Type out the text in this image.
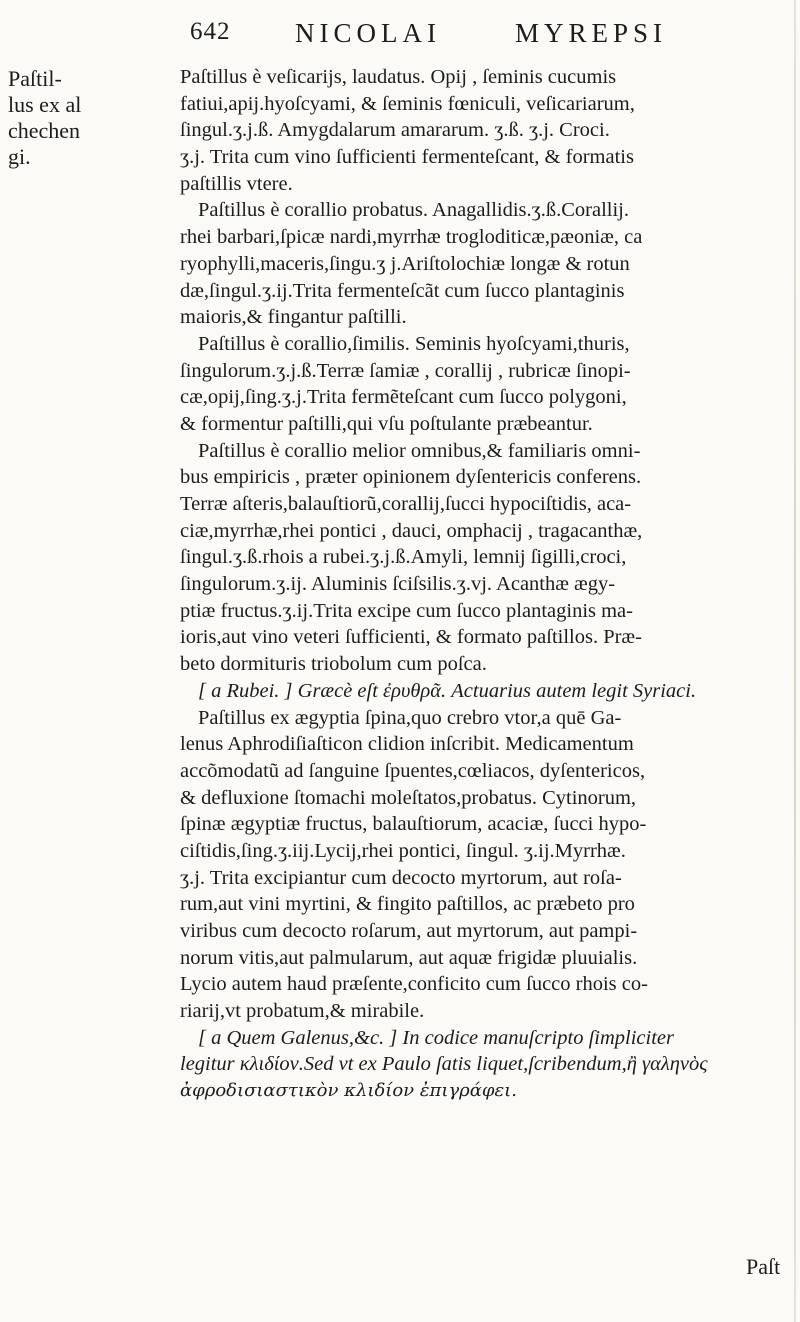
642 NICOLAI	MYREPSI
Paſtil-
lus ex al
chechen
gi.
Paſtillus è veſicarijs, laudatus. Opij , ſeminis cucumis
fatiui,apij.hyoſcyami, & ſeminis fœniculi, veſicariarum,
ſingul.ʒ.j.ß. Amygdalarum amararum. ʒ.ß. ʒ.j. Croci.
ʒ.j. Trita cum vino ſufficienti fermenteſcant, & formatis
paſtillis vtere.
Paſtillus è corallio probatus. Anagallidis.ʒ.ß.Corallij.
rhei barbari,ſpicæ nardi,myrrhæ trogloditicæ,pæoniæ, ca
ryophylli,maceris,ſingu.ʒ j.Ariſtolochiæ longæ & rotun
dæ,ſingul.ʒ.ij.Trita fermenteſcãt cum ſucco plantaginis
maioris,& fingantur paſtilli.
Paſtillus è corallio,ſimilis. Seminis hyoſcyami,thuris,
ſingulorum.ʒ.j.ß.Terræ ſamiæ , corallij , rubricæ ſinopi-
cæ,opij,ſing.ʒ.j.Trita fermẽteſcant cum ſucco polygoni,
& formentur paſtilli,qui vſu poſtulante præbeantur.
Paſtillus è corallio melior omnibus,& familiaris omni-
bus empiricis , præter opinionem dyſentericis conferens.
Terræ aſteris,balauſtiorũ,corallij,ſucci hypociſtidis, aca-
ciæ,myrrhæ,rhei pontici , dauci, omphacij , tragacanthæ,
ſingul.ʒ.ß.rhois a rubei.ʒ.j.ß.Amyli, lemnij ſigilli,croci,
ſingulorum.ʒ.ij. Aluminis ſciſsilis.ʒ.vj. Acanthæ ægy-
ptiæ fructus.ʒ.ij.Trita excipe cum ſucco plantaginis ma-
ioris,aut vino veteri ſufficienti, & formato paſtillos. Præ-
beto dormituris triobolum cum poſca.
[ a Rubei. ] Græcè eſt ἐρυθρᾶ. Actuarius autem legit Syriaci.
Paſtillus ex ægyptia ſpina,quo crebro vtor,a quē Ga-
lenus Aphrodiſiaſticon clidion inſcribit. Medicamentum
accõmodatũ ad ſanguine ſpuentes,cœliacos, dyſentericos,
& defluxione ſtomachi moleſtatos,probatus. Cytinorum,
ſpinæ ægyptiæ fructus, balauſtiorum, acaciæ, ſucci hypo-
ciſtidis,ſing.ʒ.iij.Lycij,rhei pontici, ſingul. ʒ.ij.Myrrhæ.
ʒ.j. Trita excipiantur cum decocto myrtorum, aut roſa-
rum,aut vini myrtini, & fingito paſtillos, ac præbeto pro
viribus cum decocto roſarum, aut myrtorum, aut pampi-
norum vitis,aut palmularum, aut aquæ frigidæ pluuialis.
Lycio autem haud præſente,conficito cum ſucco rhois co-
riarij,vt probatum,& mirabile.
[ a Quem Galenus,&c. ] In codice manuſcripto ſimpliciter
legitur κλιδίον.Sed vt ex Paulo ſatis liquet,ſcribendum,ἢ γαληνὸς
ἀφροδισιαστικὸν κλιδίον ἐπιγράφει.
Paſt
